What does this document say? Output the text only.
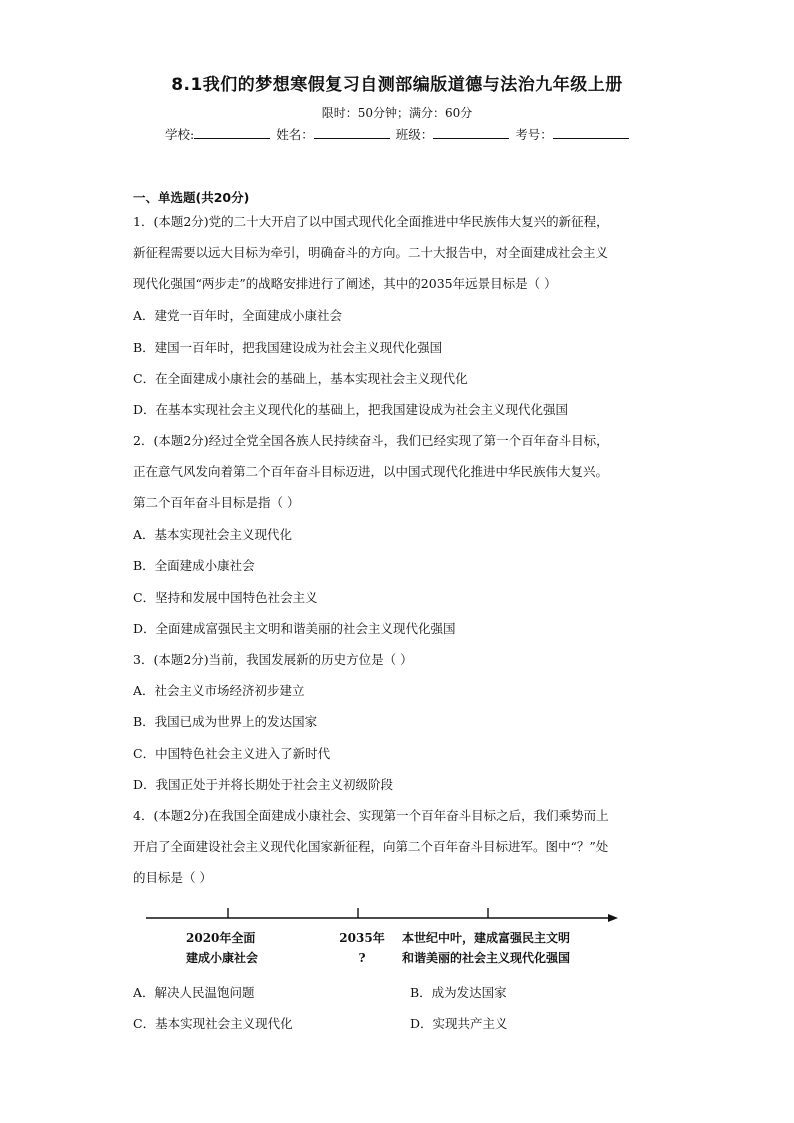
8.1我们的梦想寒假复习自测部编版道德与法治九年级上册
限时：50分钟；满分：60分
学校:	姓名：	班级：	考号：
一、单选题(共20分)
1．(本题2分)党的二十大开启了以中国式现代化全面推进中华民族伟大复兴的新征程，
新征程需要以远大目标为牵引，明确奋斗的方向。二十大报告中，对全面建成社会主义
现代化强国“两步走”的战略安排进行了阐述，其中的2035年远景目标是（ ）
A．建党一百年时，全面建成小康社会
B．建国一百年时，把我国建设成为社会主义现代化强国
C．在全面建成小康社会的基础上，基本实现社会主义现代化
D．在基本实现社会主义现代化的基础上，把我国建设成为社会主义现代化强国
2．(本题2分)经过全党全国各族人民持续奋斗，我们已经实现了第一个百年奋斗目标，
正在意气风发向着第二个百年奋斗目标迈进，以中国式现代化推进中华民族伟大复兴。
第二个百年奋斗目标是指（ ）
A．基本实现社会主义现代化
B．全面建成小康社会
C．坚持和发展中国特色社会主义
D．全面建成富强民主文明和谐美丽的社会主义现代化强国
3．(本题2分)当前，我国发展新的历史方位是（ ）
A．社会主义市场经济初步建立
B．我国已成为世界上的发达国家
C．中国特色社会主义进入了新时代
D．我国正处于并将长期处于社会主义初级阶段
4．(本题2分)在我国全面建成小康社会、实现第一个百年奋斗目标之后，我们乘势而上
开启了全面建设社会主义现代化国家新征程，向第二个百年奋斗目标进军。图中“？”处
的目标是（ ）
2020年全面
建成小康社会
2035年
?
本世纪中叶，建成富强民主文明
和谐美丽的社会主义现代化强国
A．解决人民温饱问题	B．成为发达国家
C．基本实现社会主义现代化	D．实现共产主义
